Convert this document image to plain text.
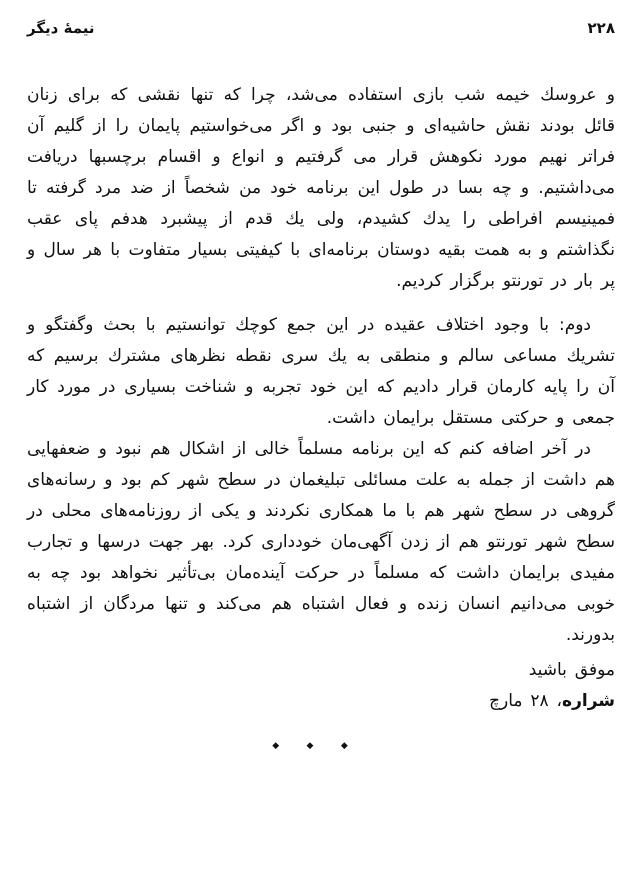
۲۲۸
نیمهٔ دیگر

و عروسك خیمه شب بازی استفاده می‌شد، چرا که تنها نقشی که برای زنان قائل بودند نقش حاشیه‌ای و جنبی بود و اگر می‌خواستیم پایمان را از گلیم آن فراتر نهیم مورد نکوهش قرار می گرفتیم و انواع و اقسام برچسبها دریافت می‌داشتیم. و چه بسا در طول این برنامه خود من شخصاً از ضد مرد گرفته تا فمینیسم افراطی را یدك کشیدم، ولی یك قدم از پیشبرد هدفم پای عقب نگذاشتم و به همت بقیه دوستان برنامه‌ای با کیفیتی بسیار متفاوت با هر سال و پر بار در تورنتو برگزار کردیم.

دوم: با وجود اختلاف عقیده در این جمع کوچك توانستیم با بحث وگفتگو و تشریك مساعی سالم و منطقی به یك سری نقطه نظرهای مشترك برسیم که آن را پایه کارمان قرار دادیم که این خود تجربه و شناخت بسیاری در مورد کار جمعی و حرکتی مستقل برایمان داشت.

در آخر اضافه کنم که این برنامه مسلماً خالی از اشکال هم نبود و ضعفهایی هم داشت از جمله به علت مسائلی تبلیغمان در سطح شهر کم بود و رسانه‌های گروهی در سطح شهر هم با ما همکاری نکردند و یکی از روزنامه‌های محلی در سطح شهر تورنتو هم از زدن آگهی‌مان خودداری کرد. بهر جهت درسها و تجارب مفیدی برایمان داشت که مسلماً در حرکت آینده‌مان بی‌تأثیر نخواهد بود چه به خوبی می‌دانیم انسان زنده و فعال اشتباه هم می‌کند و تنها مردگان از اشتباه بدورند.

موفق باشید

شراره، ۲۸ مارچ

◆ ◆ ◆
